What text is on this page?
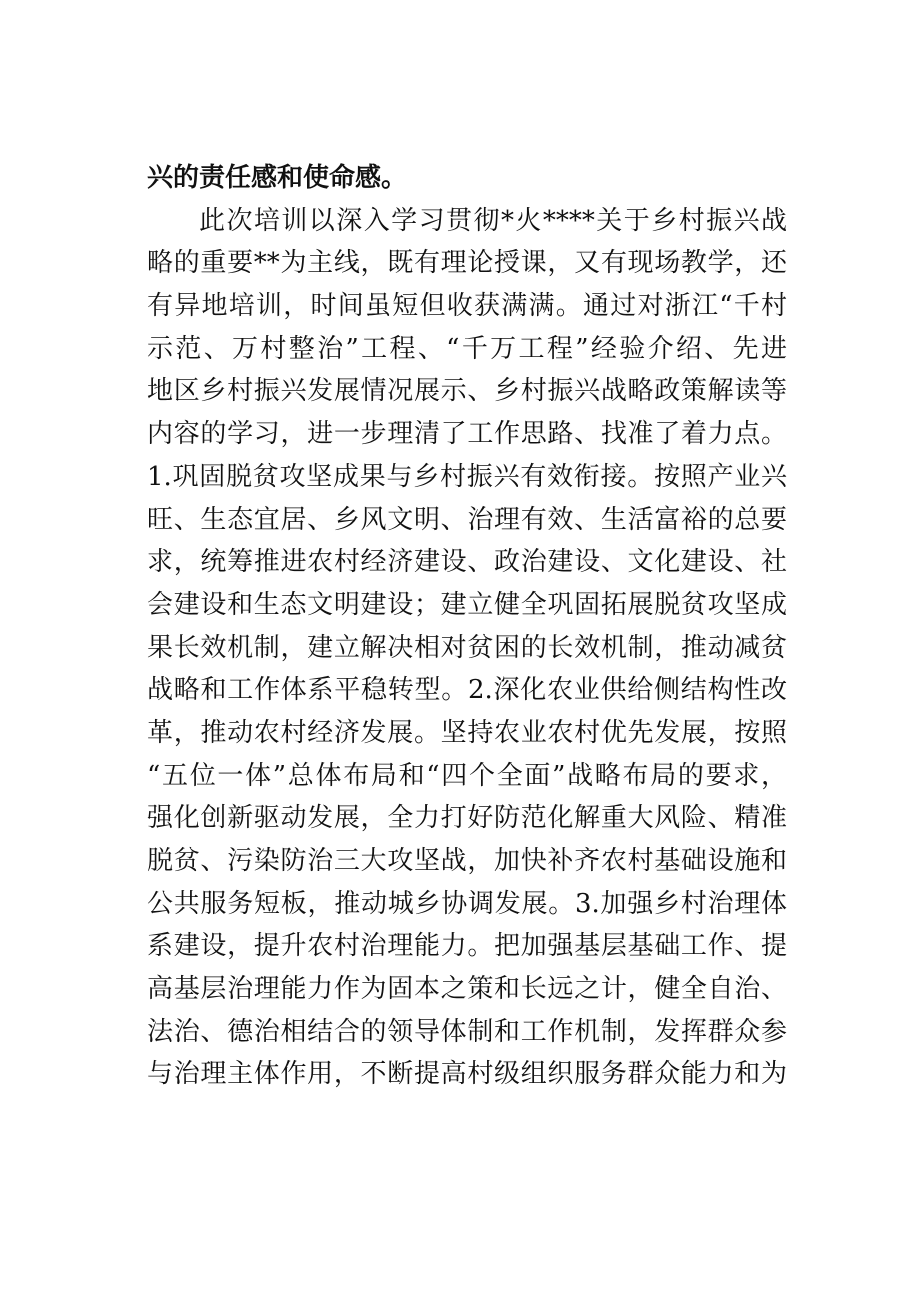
兴的责任感和使命感。
此次培训以深入学习贯彻*火****关于乡村振兴战
略的重要**为主线，既有理论授课，又有现场教学，还
有异地培训，时间虽短但收获满满。通过对浙江“千村
示范、万村整治”工程、“千万工程”经验介绍、先进
地区乡村振兴发展情况展示、乡村振兴战略政策解读等
内容的学习，进一步理清了工作思路、找准了着力点。
1.巩固脱贫攻坚成果与乡村振兴有效衔接。按照产业兴
旺、生态宜居、乡风文明、治理有效、生活富裕的总要
求，统筹推进农村经济建设、政治建设、文化建设、社
会建设和生态文明建设；建立健全巩固拓展脱贫攻坚成
果长效机制，建立解决相对贫困的长效机制，推动减贫
战略和工作体系平稳转型。2.深化农业供给侧结构性改
革，推动农村经济发展。坚持农业农村优先发展，按照
“五位一体”总体布局和“四个全面”战略布局的要求，
强化创新驱动发展，全力打好防范化解重大风险、精准
脱贫、污染防治三大攻坚战，加快补齐农村基础设施和
公共服务短板，推动城乡协调发展。3.加强乡村治理体
系建设，提升农村治理能力。把加强基层基础工作、提
高基层治理能力作为固本之策和长远之计，健全自治、
法治、德治相结合的领导体制和工作机制，发挥群众参
与治理主体作用，不断提高村级组织服务群众能力和为
